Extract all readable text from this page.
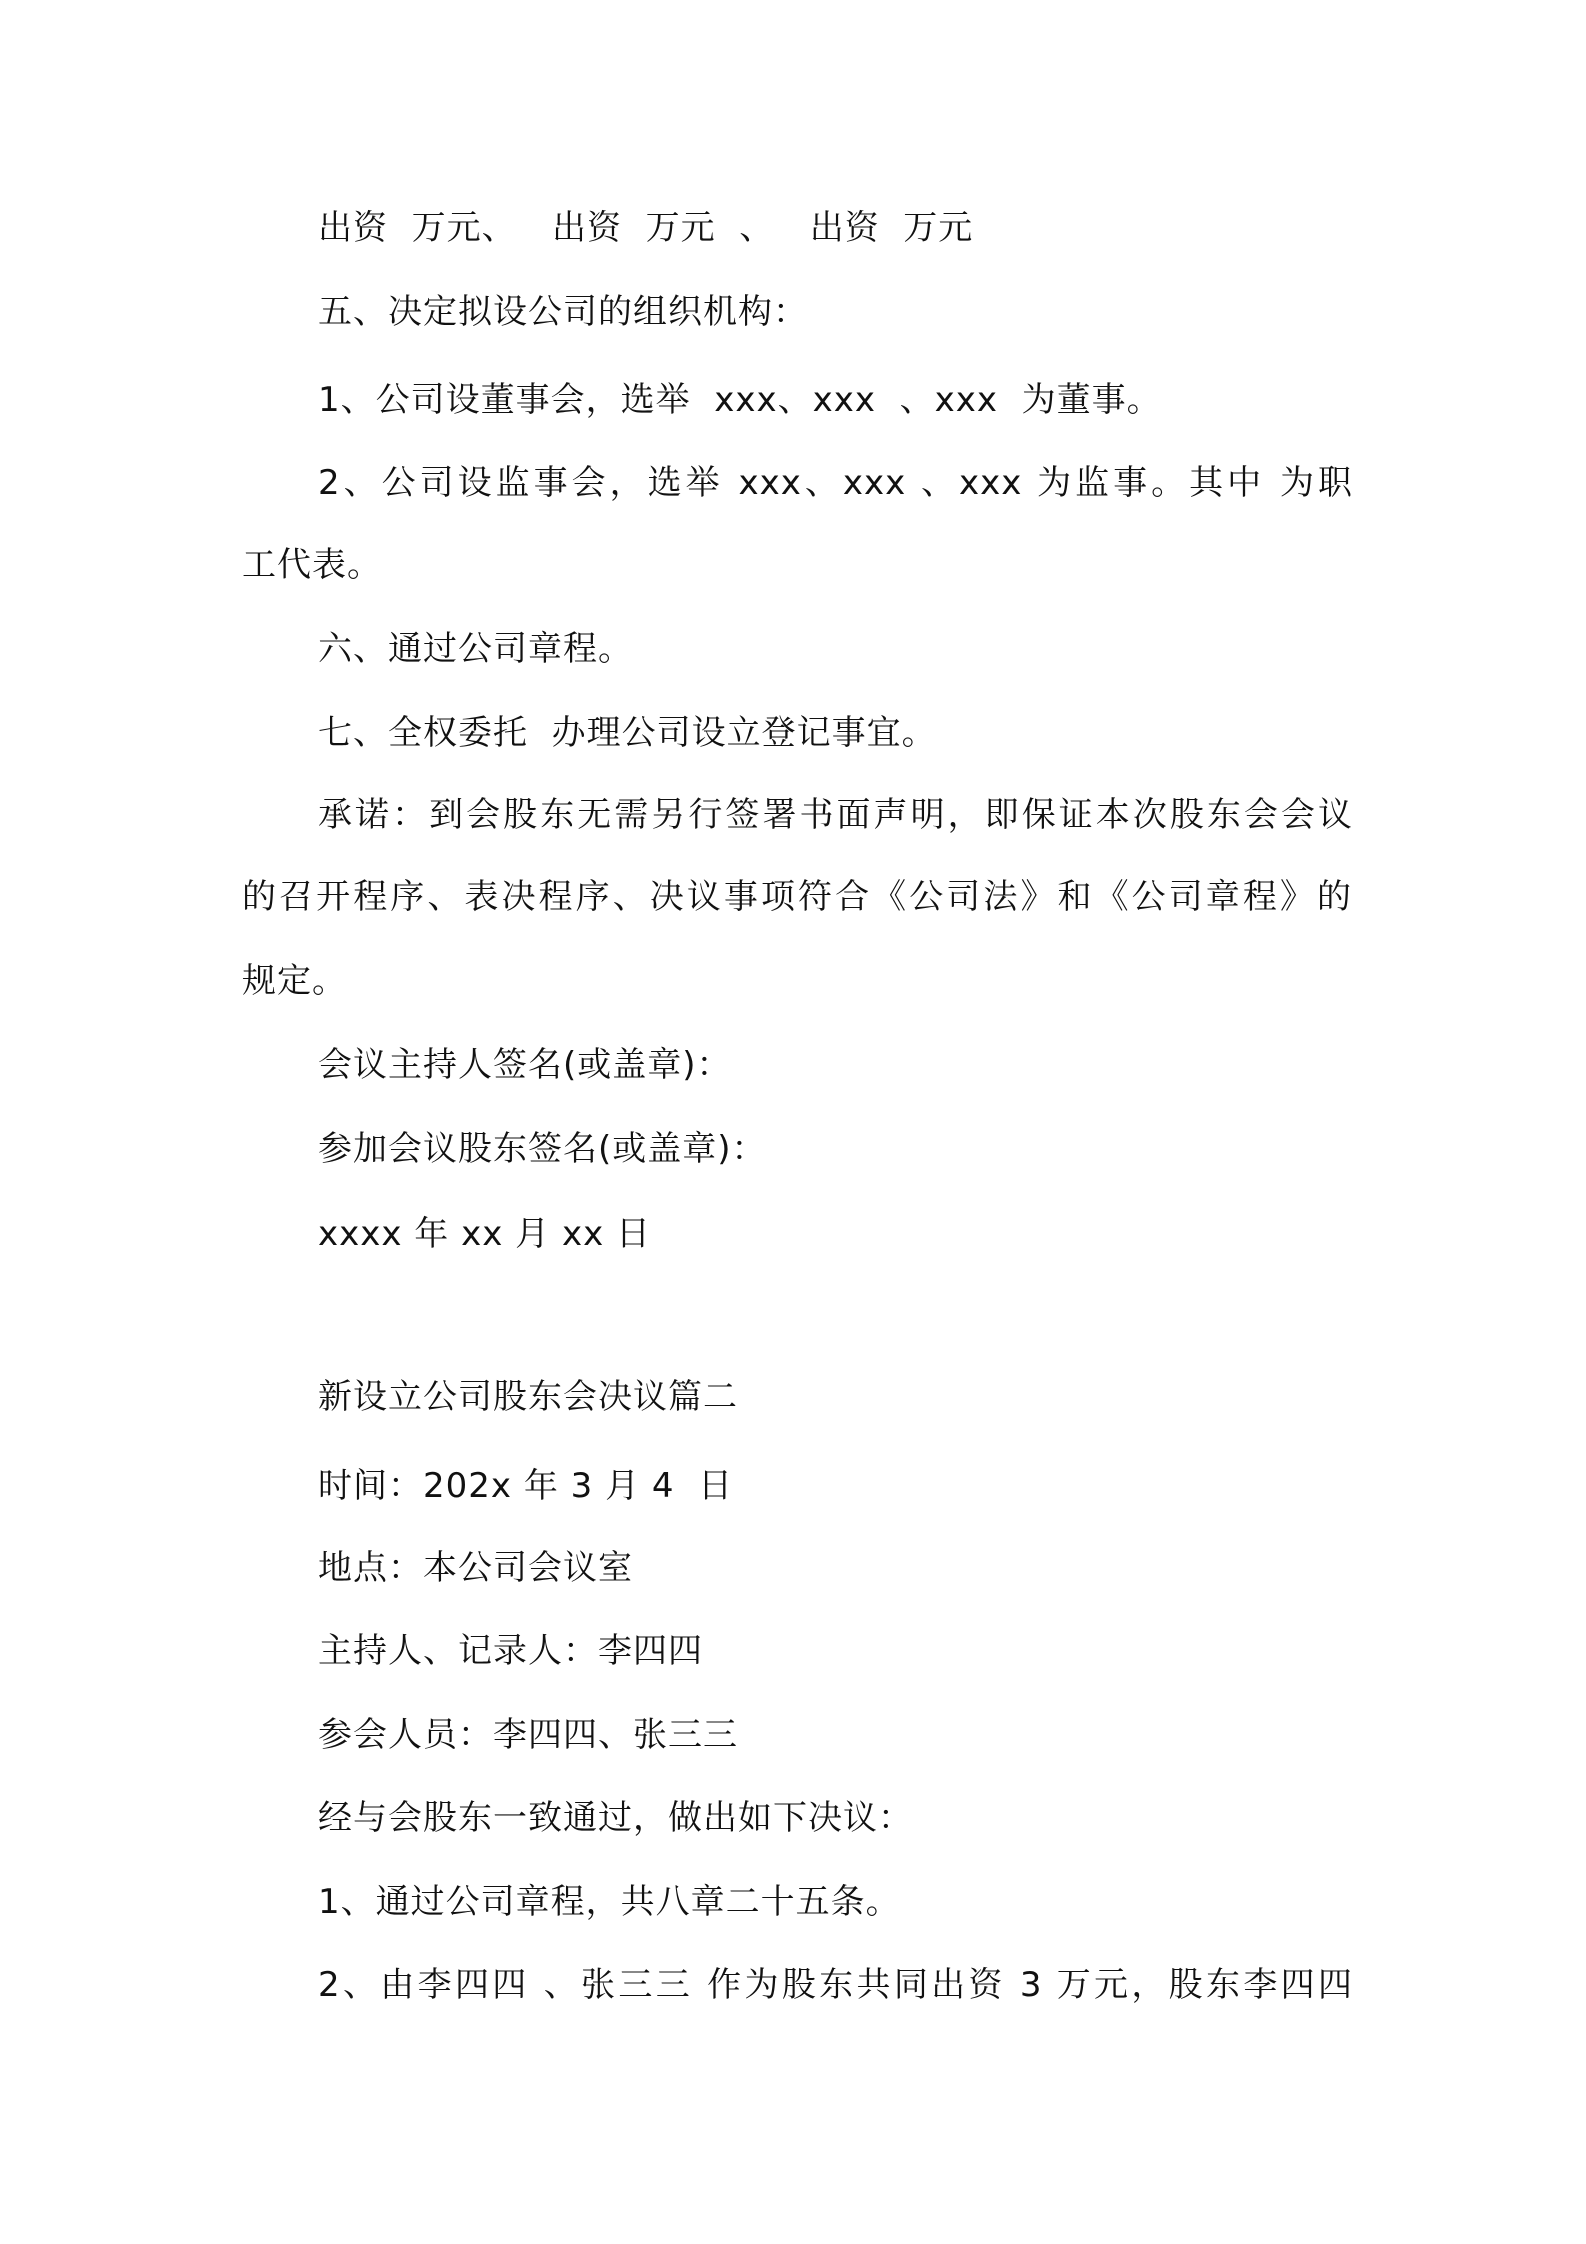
出资  万元、   出资  万元  、   出资  万元
五、决定拟设公司的组织机构：
1、公司设董事会，选举  xxx、xxx  、xxx  为董事。
2、公司设监事会，选举 xxx、xxx 、xxx 为监事。其中 为职
工代表。
六、通过公司章程。
七、全权委托  办理公司设立登记事宜。
承诺：到会股东无需另行签署书面声明，即保证本次股东会会议
的召开程序、表决程序、决议事项符合《公司法》和《公司章程》的
规定。
会议主持人签名(或盖章)：
参加会议股东签名(或盖章)：
xxxx 年 xx 月 xx 日
新设立公司股东会决议篇二
时间：202x 年 3 月 4  日
地点：本公司会议室
主持人、记录人：李四四
参会人员：李四四、张三三
经与会股东一致通过，做出如下决议：
1、通过公司章程，共八章二十五条。
2、由李四四 、张三三 作为股东共同出资 3 万元，股东李四四
